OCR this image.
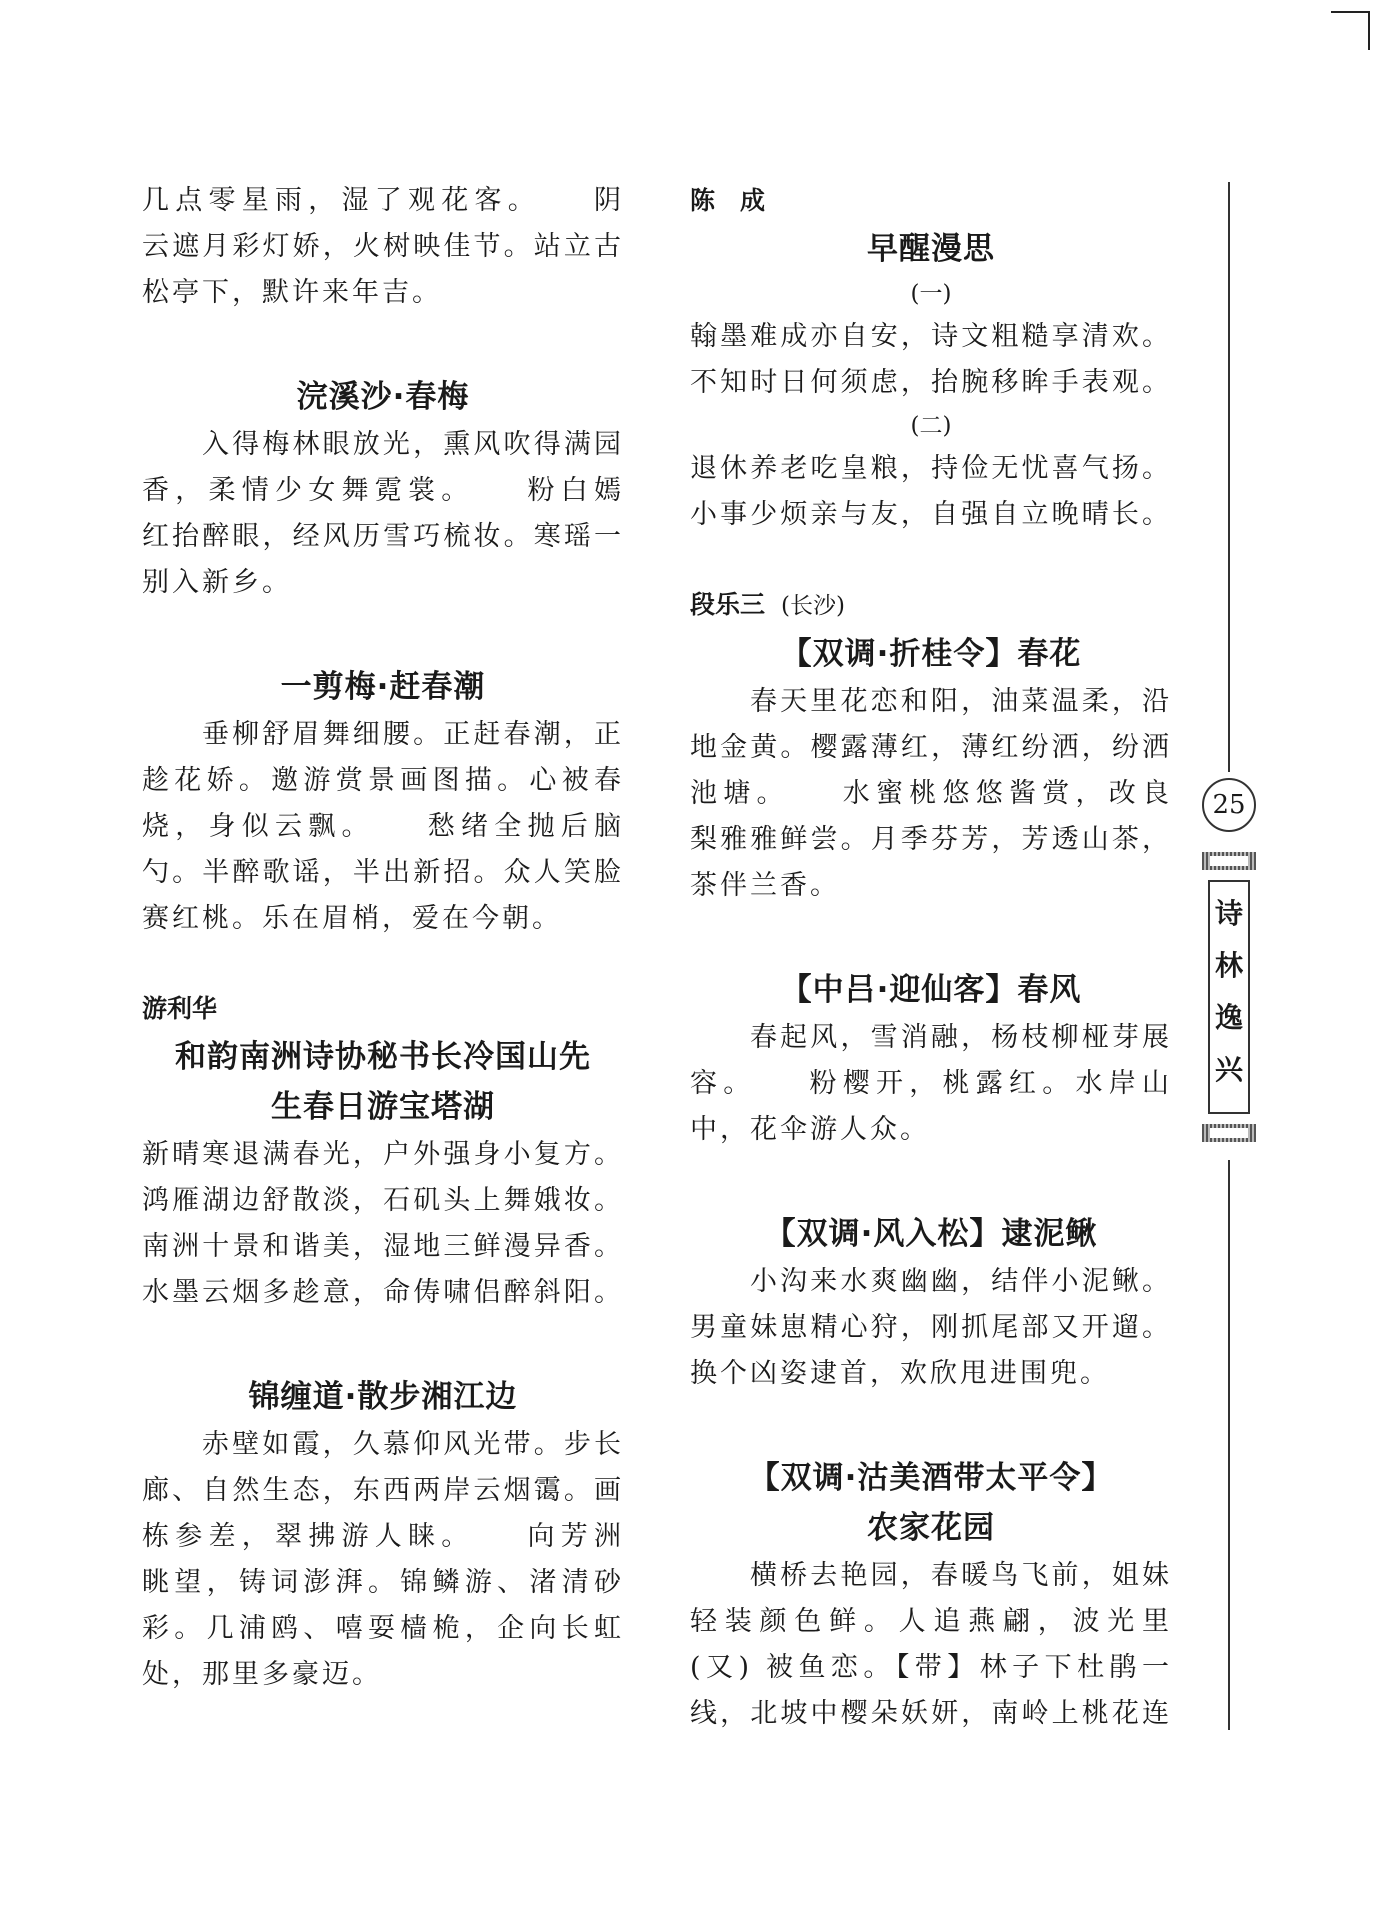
几点零星雨，湿了观花客。　　阴
云遮月彩灯娇，火树映佳节。站立古
松亭下，默许来年吉。
浣溪沙·春梅
入得梅林眼放光，熏风吹得满园
香，柔情少女舞霓裳。　　粉白嫣
红抬醉眼，经风历雪巧梳妆。寒瑶一
别入新乡。
一剪梅·赶春潮
垂柳舒眉舞细腰。正赶春潮，正
趁花娇。邀游赏景画图描。心被春
烧，身似云飘。　　愁绪全抛后脑
勺。半醉歌谣，半出新招。众人笑脸
赛红桃。乐在眉梢，爱在今朝。
游利华
和韵南洲诗协秘书长冷国山先
生春日游宝塔湖
新晴寒退满春光，户外强身小复方。
鸿雁湖边舒散淡，石矶头上舞娥妆。
南洲十景和谐美，湿地三鲜漫异香。
水墨云烟多趁意，命俦啸侣醉斜阳。
锦缠道·散步湘江边
赤壁如霞，久慕仰风光带。步长
廊、自然生态，东西两岸云烟霭。画
栋参差，翠拂游人睐。　　向芳洲
眺望，铸词澎湃。锦鳞游、渚清砂
彩。几浦鸥、嘻耍樯桅，企向长虹
处，那里多豪迈。
陈　成
早醒漫思
(一)
翰墨难成亦自安，诗文粗糙享清欢。
不知时日何须虑，抬腕移眸手表观。
(二)
退休养老吃皇粮，持俭无忧喜气扬。
小事少烦亲与友，自强自立晚晴长。
段乐三 (长沙)
【双调·折桂令】春花
春天里花恋和阳，油菜温柔，沿
地金黄。樱露薄红，薄红纷洒，纷洒
池塘。　　水蜜桃悠悠酱赏，改良
梨雅雅鲜尝。月季芬芳，芳透山茶，
茶伴兰香。
【中吕·迎仙客】春风
春起风，雪消融，杨枝柳桠芽展
容。　　粉樱开，桃露红。水岸山
中，花伞游人众。
【双调·风入松】逮泥鳅
小沟来水爽幽幽，结伴小泥鳅。
男童妹崽精心狩，刚抓尾部又开遛。
换个凶姿逮首，欢欣甩进围兜。
【双调·沽美酒带太平令】
农家花园
横桥去艳园，春暖鸟飞前，姐妹
轻装颜色鲜。人追燕翩，波光里
(又) 被鱼恋。【带】林子下杜鹃一
线，北坡中樱朵妖妍，南岭上桃花连
25
诗
林
逸
兴
